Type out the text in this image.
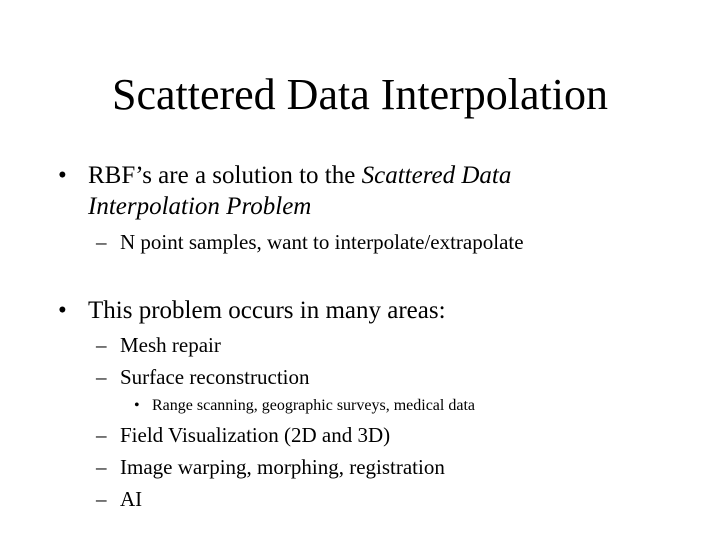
Scattered Data Interpolation
• RBF’s are a solution to the Scattered Data
Interpolation Problem
– N point samples, want to interpolate/extrapolate
• This problem occurs in many areas:
– Mesh repair
– Surface reconstruction
• Range scanning, geographic surveys, medical data
– Field Visualization (2D and 3D)
– Image warping, morphing, registration
– AI
